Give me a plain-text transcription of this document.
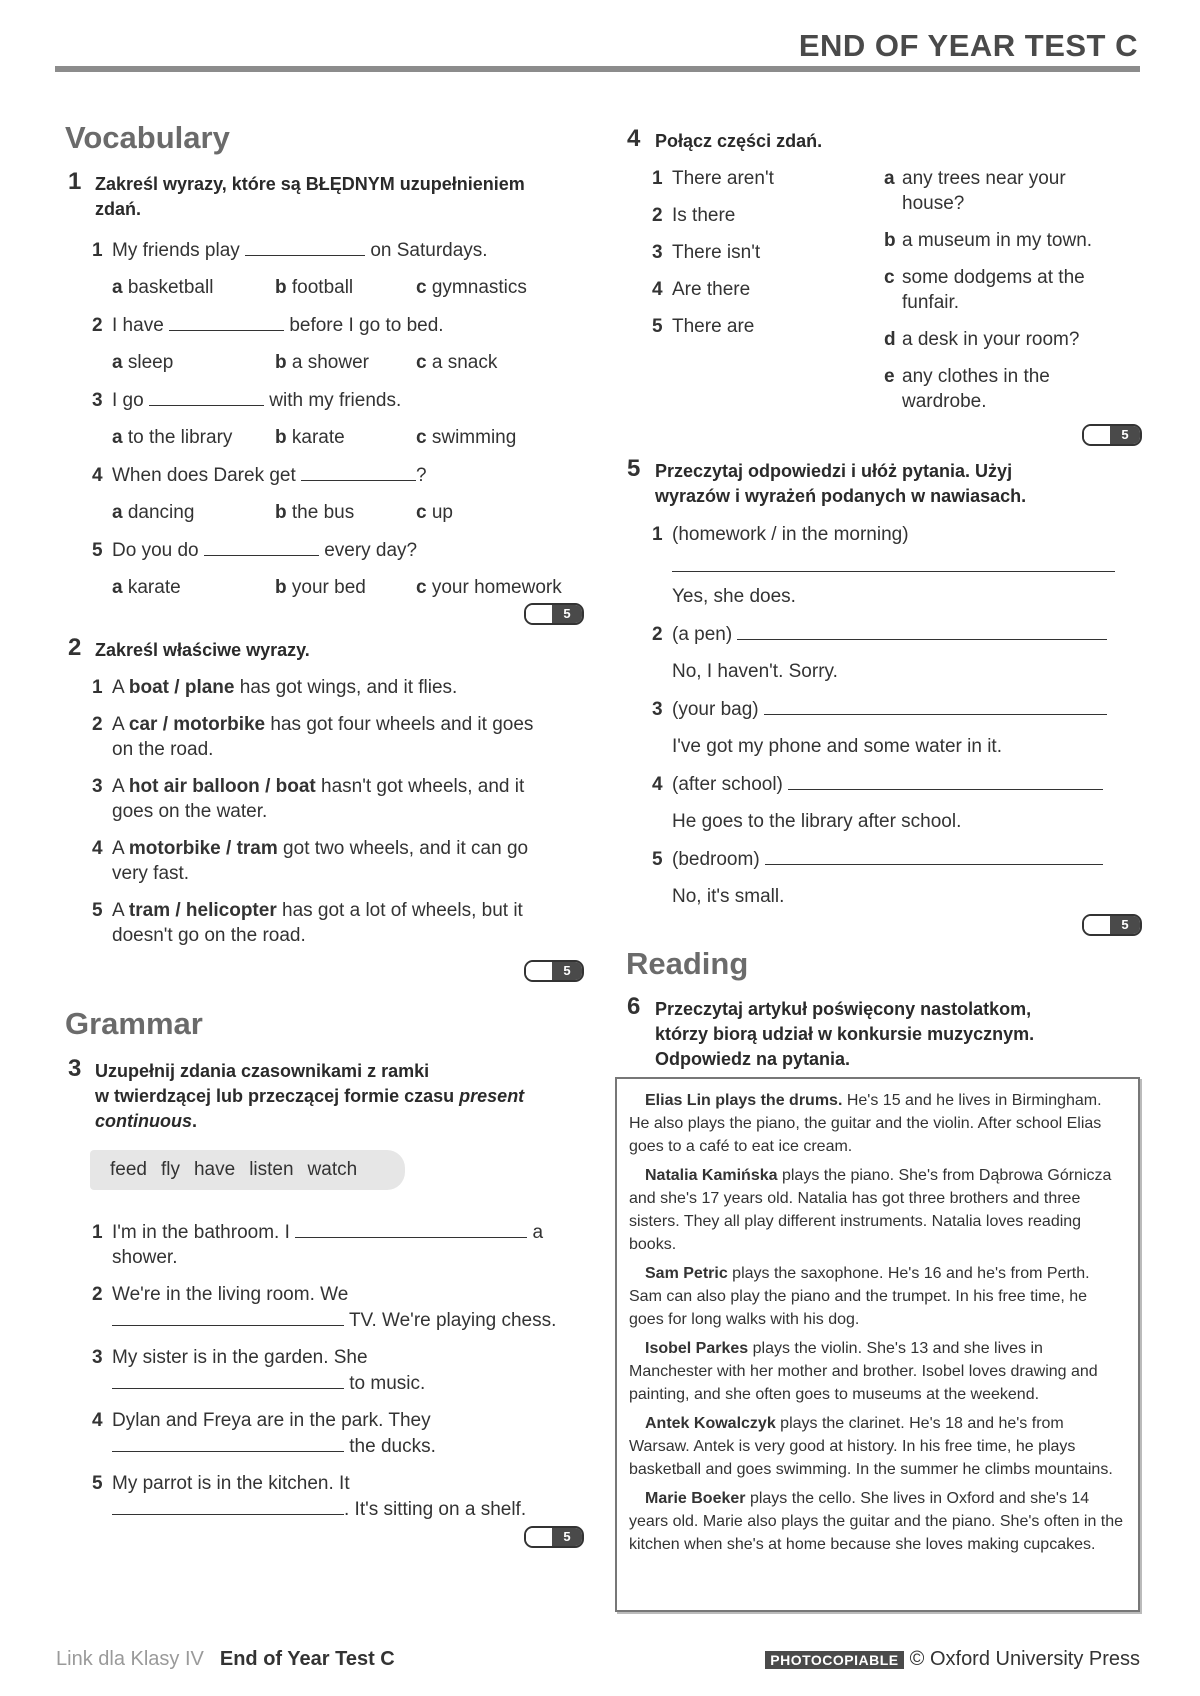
END OF YEAR TEST C
Vocabulary
1 Zakreśl wyrazy, które są BŁĘDNYM uzupełnieniem
zdań.
1 My friends play	on Saturdays.
a basketball	b football	c gymnastics
2 I have	before I go to bed.
a sleep	b a shower c a snack
3 I go	with my friends.
a to the library b karate	c swimming
4 When does Darek get	?
a dancing	b the bus	c up
5 Do you do	every day?
a karate	b your bed	c your homework
5
2 Zakreśl właściwe wyrazy.
1 A boat / plane has got wings, and it flies.
2 A car / motorbike has got four wheels and it goes
on the road.
3 A hot air balloon / boat hasn't got wheels, and it
goes on the water.
4 A motorbike / tram got two wheels, and it can go
very fast.
5 A tram / helicopter has got a lot of wheels, but it
doesn't go on the road.
5
Grammar
3 Uzupełnij zdania czasownikami z ramki
w twierdzącej lub przeczącej formie czasu present
continuous.
feed fly have listen watch
1 I'm in the bathroom. I	a
shower.
2 We're in the living room. We
TV. We're playing chess.
3 My sister is in the garden. She
to music.
4 Dylan and Freya are in the park. They
the ducks.
5 My parrot is in the kitchen. It
. It's sitting on a shelf.
5
4 Połącz części zdań.
1 There aren't
2 Is there
3 There isn't
4 Are there
5 There are
a any trees near your
house?
b a museum in my town.
c some dodgems at the
funfair.
d a desk in your room?
e any clothes in the
wardrobe.
5
5 Przeczytaj odpowiedzi i ułóż pytania. Użyj
wyrazów i wyrażeń podanych w nawiasach.
1 (homework / in the morning)
Yes, she does.
2 (a pen)
No, I haven't. Sorry.
3 (your bag)
I've got my phone and some water in it.
4 (after school)
He goes to the library after school.
5 (bedroom)
No, it's small.
5
Reading
6 Przeczytaj artykuł poświęcony nastolatkom,
którzy biorą udział w konkursie muzycznym.
Odpowiedz na pytania.

Elias Lin plays the drums. He's 15 and he lives in Birmingham. He also plays the piano, the guitar and the violin. After school Elias goes to a café to eat ice cream.

Natalia Kamińska plays the piano. She's from Dąbrowa Górnicza and she's 17 years old. Natalia has got three brothers and three sisters. They all play different instruments. Natalia loves reading books.

Sam Petric plays the saxophone. He's 16 and he's from Perth. Sam can also play the piano and the trumpet. In his free time, he goes for long walks with his dog.

Isobel Parkes plays the violin. She's 13 and she lives in Manchester with her mother and brother. Isobel loves drawing and painting, and she often goes to museums at the weekend.

Antek Kowalczyk plays the clarinet. He's 18 and he's from Warsaw. Antek is very good at history. In his free time, he plays basketball and goes swimming. In the summer he climbs mountains.

Marie Boeker plays the cello. She lives in Oxford and she's 14 years old. Marie also plays the guitar and the piano. She's often in the kitchen when she's at home because she loves making cupcakes.

Link dla Klasy IV End of Year Test C	PHOTOCOPIABLE © Oxford University Press
